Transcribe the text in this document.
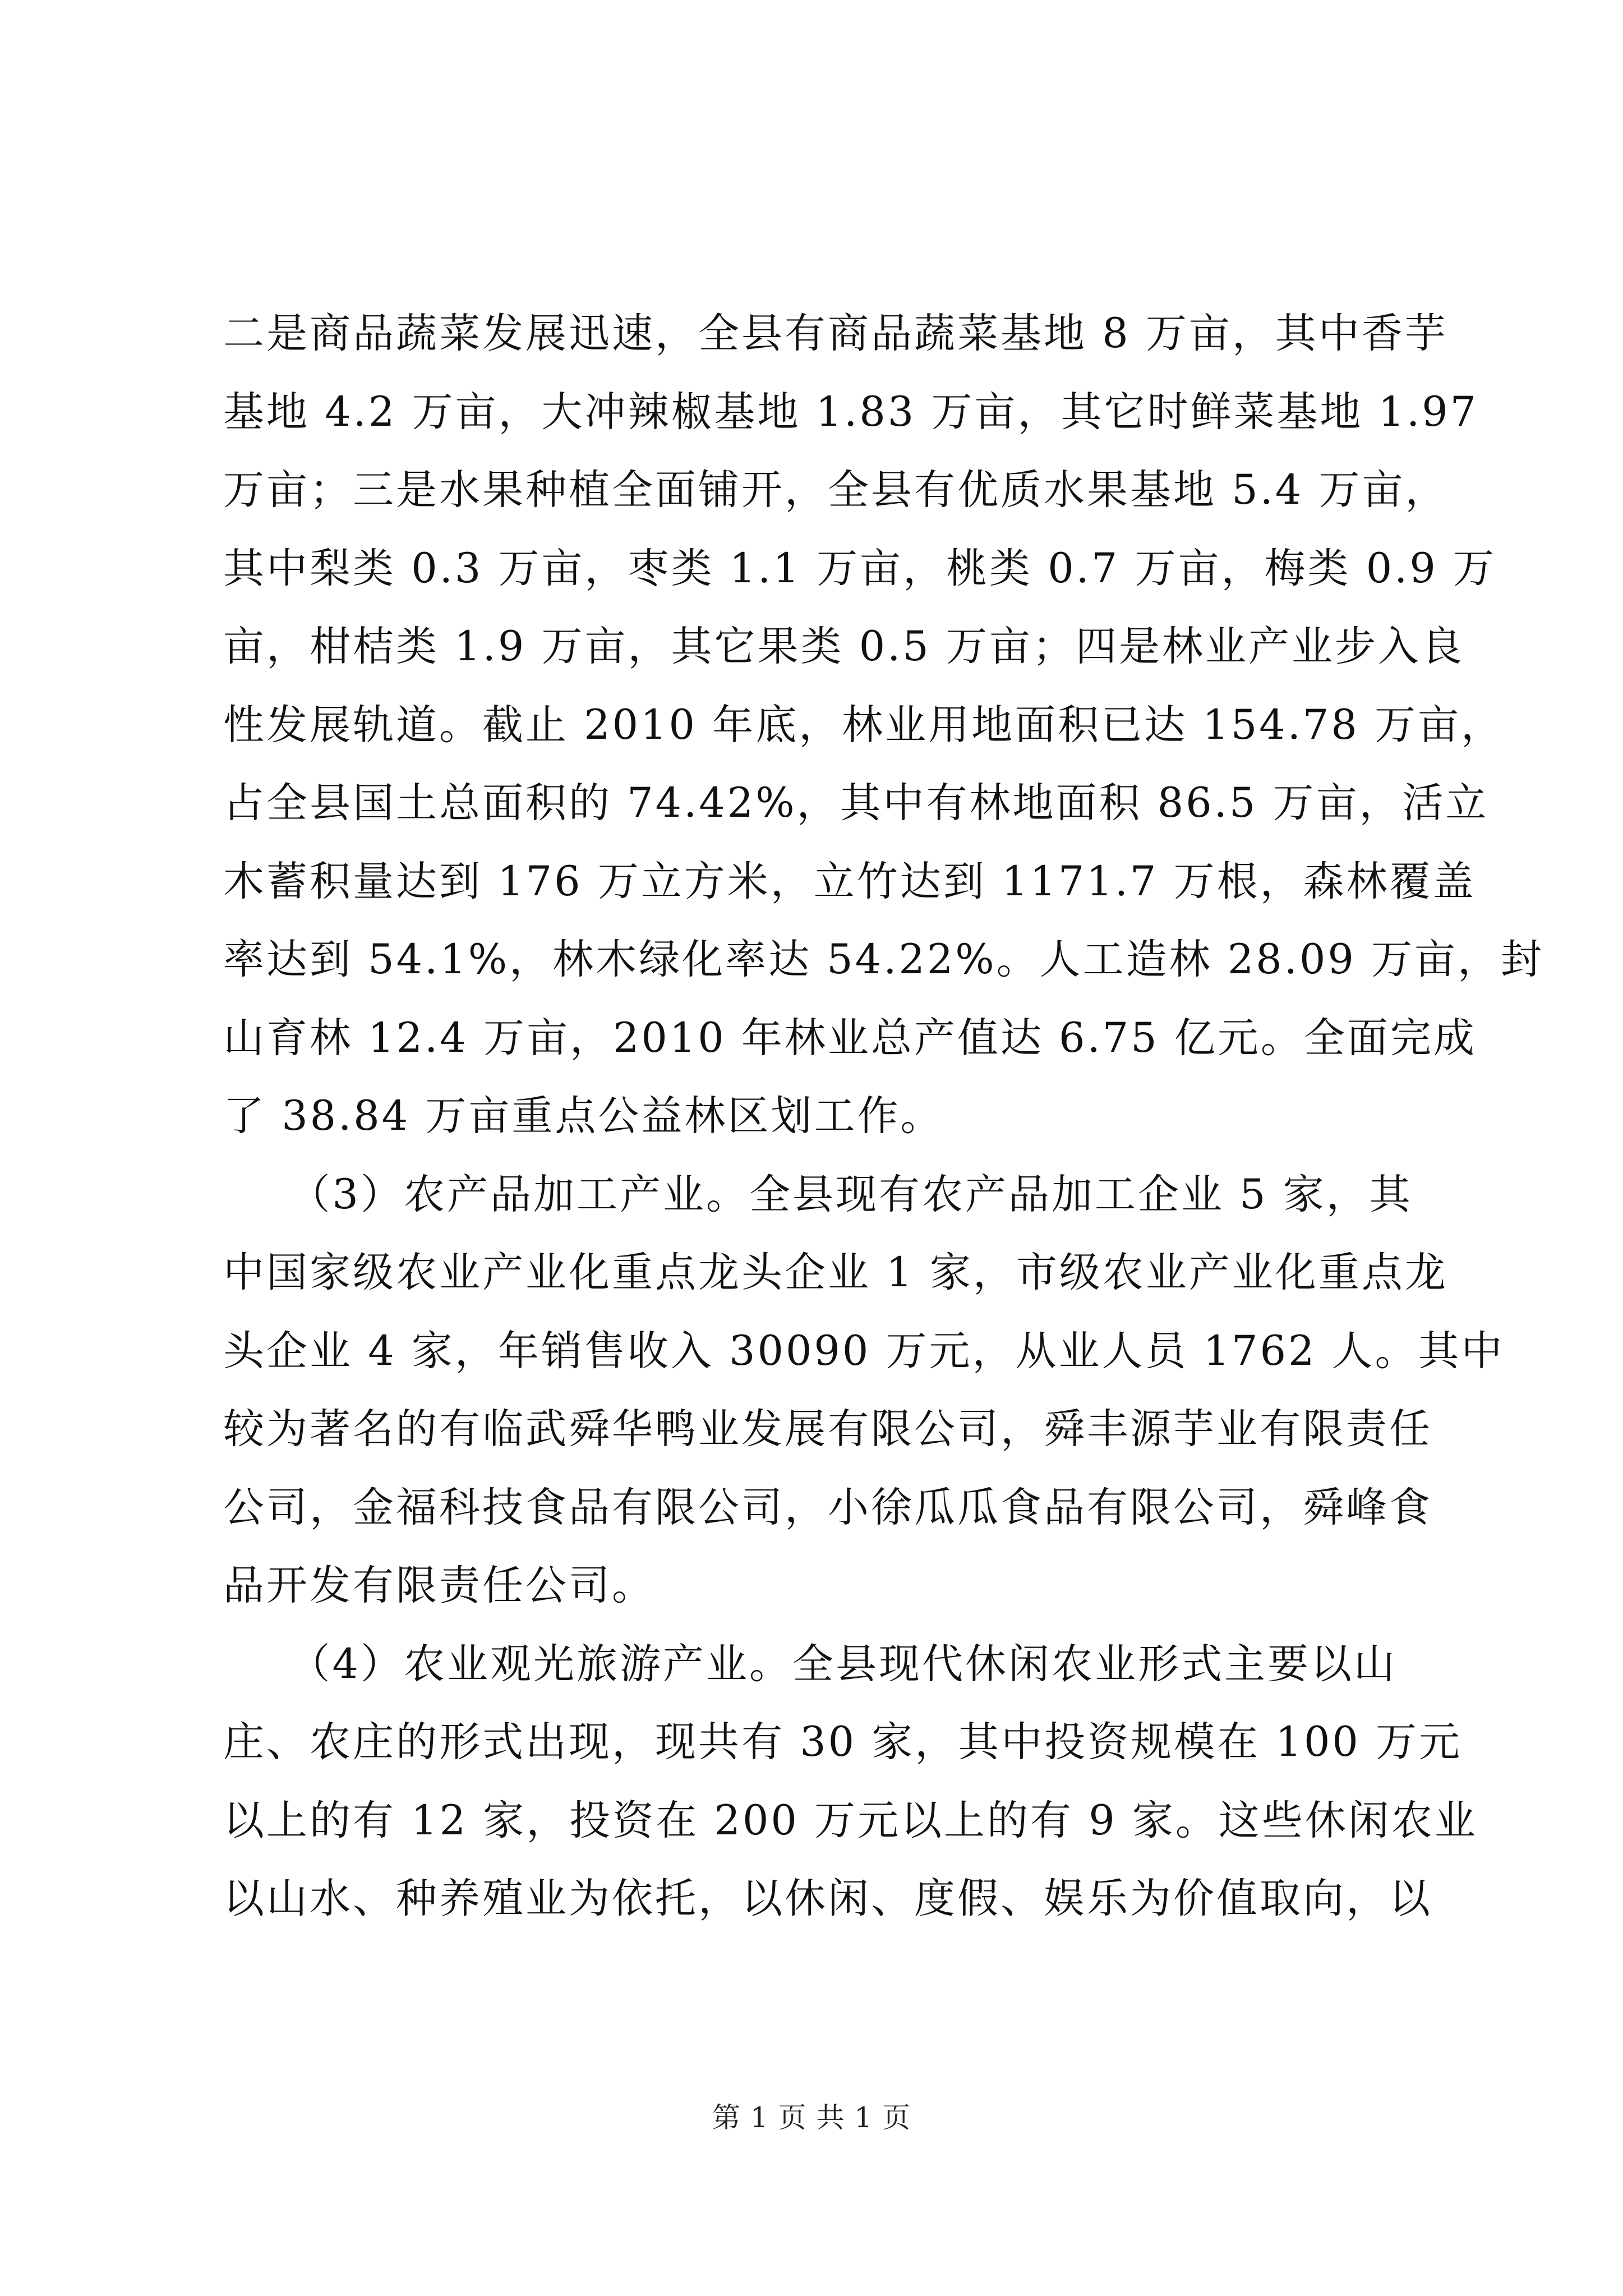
二是商品蔬菜发展迅速，全县有商品蔬菜基地 8 万亩，其中香芋
基地 4.2 万亩，大冲辣椒基地 1.83 万亩，其它时鲜菜基地 1.97
万亩；三是水果种植全面铺开，全县有优质水果基地 5.4 万亩，
其中梨类 0.3 万亩，枣类 1.1 万亩，桃类 0.7 万亩，梅类 0.9 万
亩，柑桔类 1.9 万亩，其它果类 0.5 万亩；四是林业产业步入良
性发展轨道。截止 2010 年底，林业用地面积已达 154.78 万亩，
占全县国土总面积的 74.42%，其中有林地面积 86.5 万亩，活立
木蓄积量达到 176 万立方米，立竹达到 1171.7 万根，森林覆盖
率达到 54.1%，林木绿化率达 54.22%。人工造林 28.09 万亩，封
山育林 12.4 万亩，2010 年林业总产值达 6.75 亿元。全面完成
了 38.84 万亩重点公益林区划工作。
　　（3）农产品加工产业。全县现有农产品加工企业 5 家，其
中国家级农业产业化重点龙头企业 1 家，市级农业产业化重点龙
头企业 4 家，年销售收入 30090 万元，从业人员 1762 人。其中
较为著名的有临武舜华鸭业发展有限公司，舜丰源芋业有限责任
公司，金福科技食品有限公司，小徐瓜瓜食品有限公司，舜峰食
品开发有限责任公司。
　　（4）农业观光旅游产业。全县现代休闲农业形式主要以山
庄、农庄的形式出现，现共有 30 家，其中投资规模在 100 万元
以上的有 12 家，投资在 200 万元以上的有 9 家。这些休闲农业
以山水、种养殖业为依托，以休闲、度假、娱乐为价值取向，以
第 1 页 共 1 页
